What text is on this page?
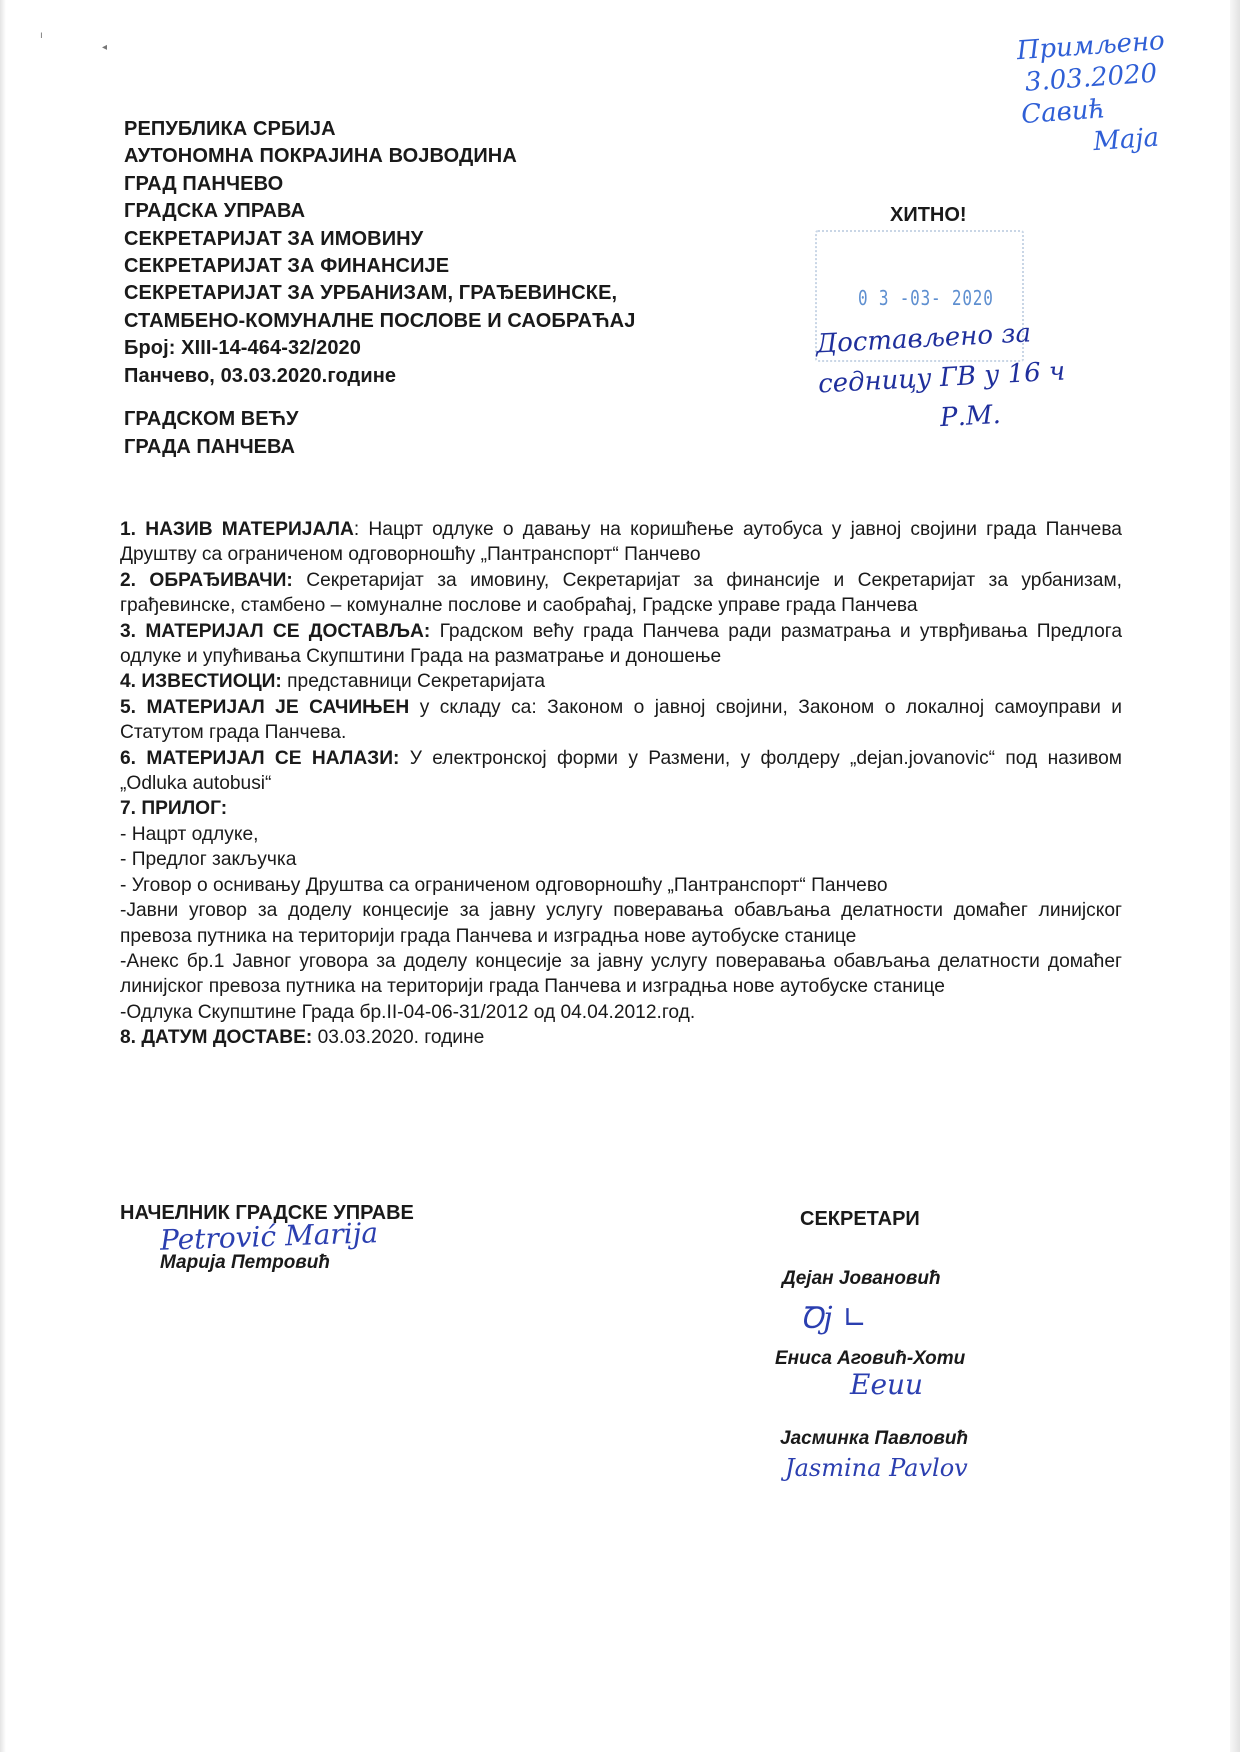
ı
◂
РЕПУБЛИКА СРБИЈА
АУТОНОМНА ПОКРАЈИНА ВОЈВОДИНА
ГРАД ПАНЧЕВО
ГРАДСКА УПРАВА
СЕКРЕТАРИЈАТ ЗА ИМОВИНУ
СЕКРЕТАРИЈАТ ЗА ФИНАНСИЈЕ
СЕКРЕТАРИЈАТ ЗА УРБАНИЗАМ, ГРАЂЕВИНСКЕ,
СТАМБЕНО-КОМУНАЛНЕ ПОСЛОВЕ И САОБРАЋАЈ
Број: XIII-14-464-32/2020
Панчево, 03.03.2020.године
ГРАДСКОМ ВЕЋУ
ГРАДА ПАНЧЕВА
ХИТНО!
0 3 -03- 2020
Достављено за
седницу ГВ у 16 ч
Р.М.
Примљено
3.03.2020
Савић
Маја
1. НАЗИВ МАТЕРИЈАЛА: Нацрт одлуке о давању на коришћење аутобуса у јавној својини града Панчева Друштву са ограниченом одговорношћу „Пантранспорт“ Панчево
2. ОБРАЂИВАЧИ: Секретаријат за имовину, Секретаријат за финансије и Секретаријат за урбанизам, грађевинске, стамбено – комуналне послове и саобраћај, Градске управе града Панчева
3. МАТЕРИЈАЛ СЕ ДОСТАВЉА: Градском већу града Панчева ради разматрања и утврђивања Предлога одлуке и упућивања Скупштини Града на разматрање и доношење
4. ИЗВЕСТИОЦИ: представници Секретаријата
5. МАТЕРИЈАЛ ЈЕ САЧИЊЕН у складу са: Законом о јавној својини, Законом о локалној самоуправи и Статутом града Панчева.
6. МАТЕРИЈАЛ СЕ НАЛАЗИ: У електронској форми у Размени, у фолдеру „dejan.jovanovic“ под називом „Odluka autobusi“
7. ПРИЛОГ:
- Нацрт одлуке,
- Предлог закључка
- Уговор о оснивању Друштва са ограниченом одговорношћу „Пантранспорт“ Панчево
-Јавни уговор за доделу концесије за јавну услугу поверавања обављања делатности домаћег линијског превоза путника на територији града Панчева и изградња нове аутобуске станице
-Анекс бр.1 Јавног уговора за доделу концесије за јавну услугу поверавања обављања делатности домаћег линијског превоза путника на територији града Панчева и изградња нове аутобуске станице
-Одлука Скупштине Града бр.II-04-06-31/2012 од 04.04.2012.год.
8. ДАТУМ ДОСТАВЕ: 03.03.2020. године
НАЧЕЛНИК ГРАДСКЕ УПРАВЕ
Марија Петровић
Petrović Marija	СЕКРЕТАРИ
Дејан Јовановић
Ꝺј ∟
Ениса Аговић-Хоти
Eeuu
Јасминка Павловић
Jasmina Pavlov
